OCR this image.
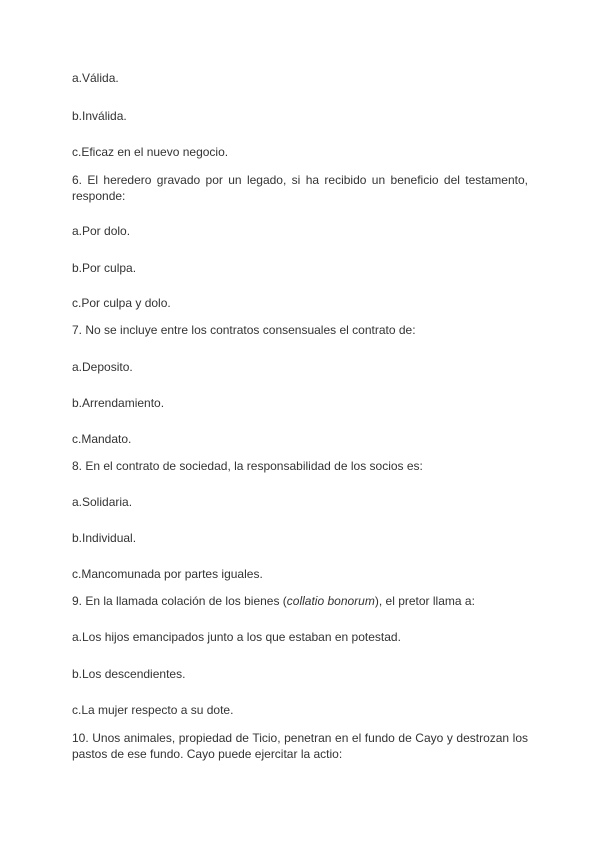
a.Válida.
b.Inválida.
c.Eficaz en el nuevo negocio.
6. El heredero gravado por un legado, si ha recibido un beneficio del testamento, responde:
a.Por dolo.
b.Por culpa.
c.Por culpa y dolo.
7. No se incluye entre los contratos consensuales el contrato de:
a.Deposito.
b.Arrendamiento.
c.Mandato.
8. En el contrato de sociedad, la responsabilidad de los socios es:
a.Solidaria.
b.Individual.
c.Mancomunada por partes iguales.
9. En la llamada colación de los bienes (collatio bonorum), el pretor llama a:
a.Los hijos emancipados junto a los que estaban en potestad.
b.Los descendientes.
c.La mujer respecto a su dote.
10. Unos animales, propiedad de Ticio, penetran en el fundo de Cayo y destrozan los pastos de ese fundo. Cayo puede ejercitar la actio:
